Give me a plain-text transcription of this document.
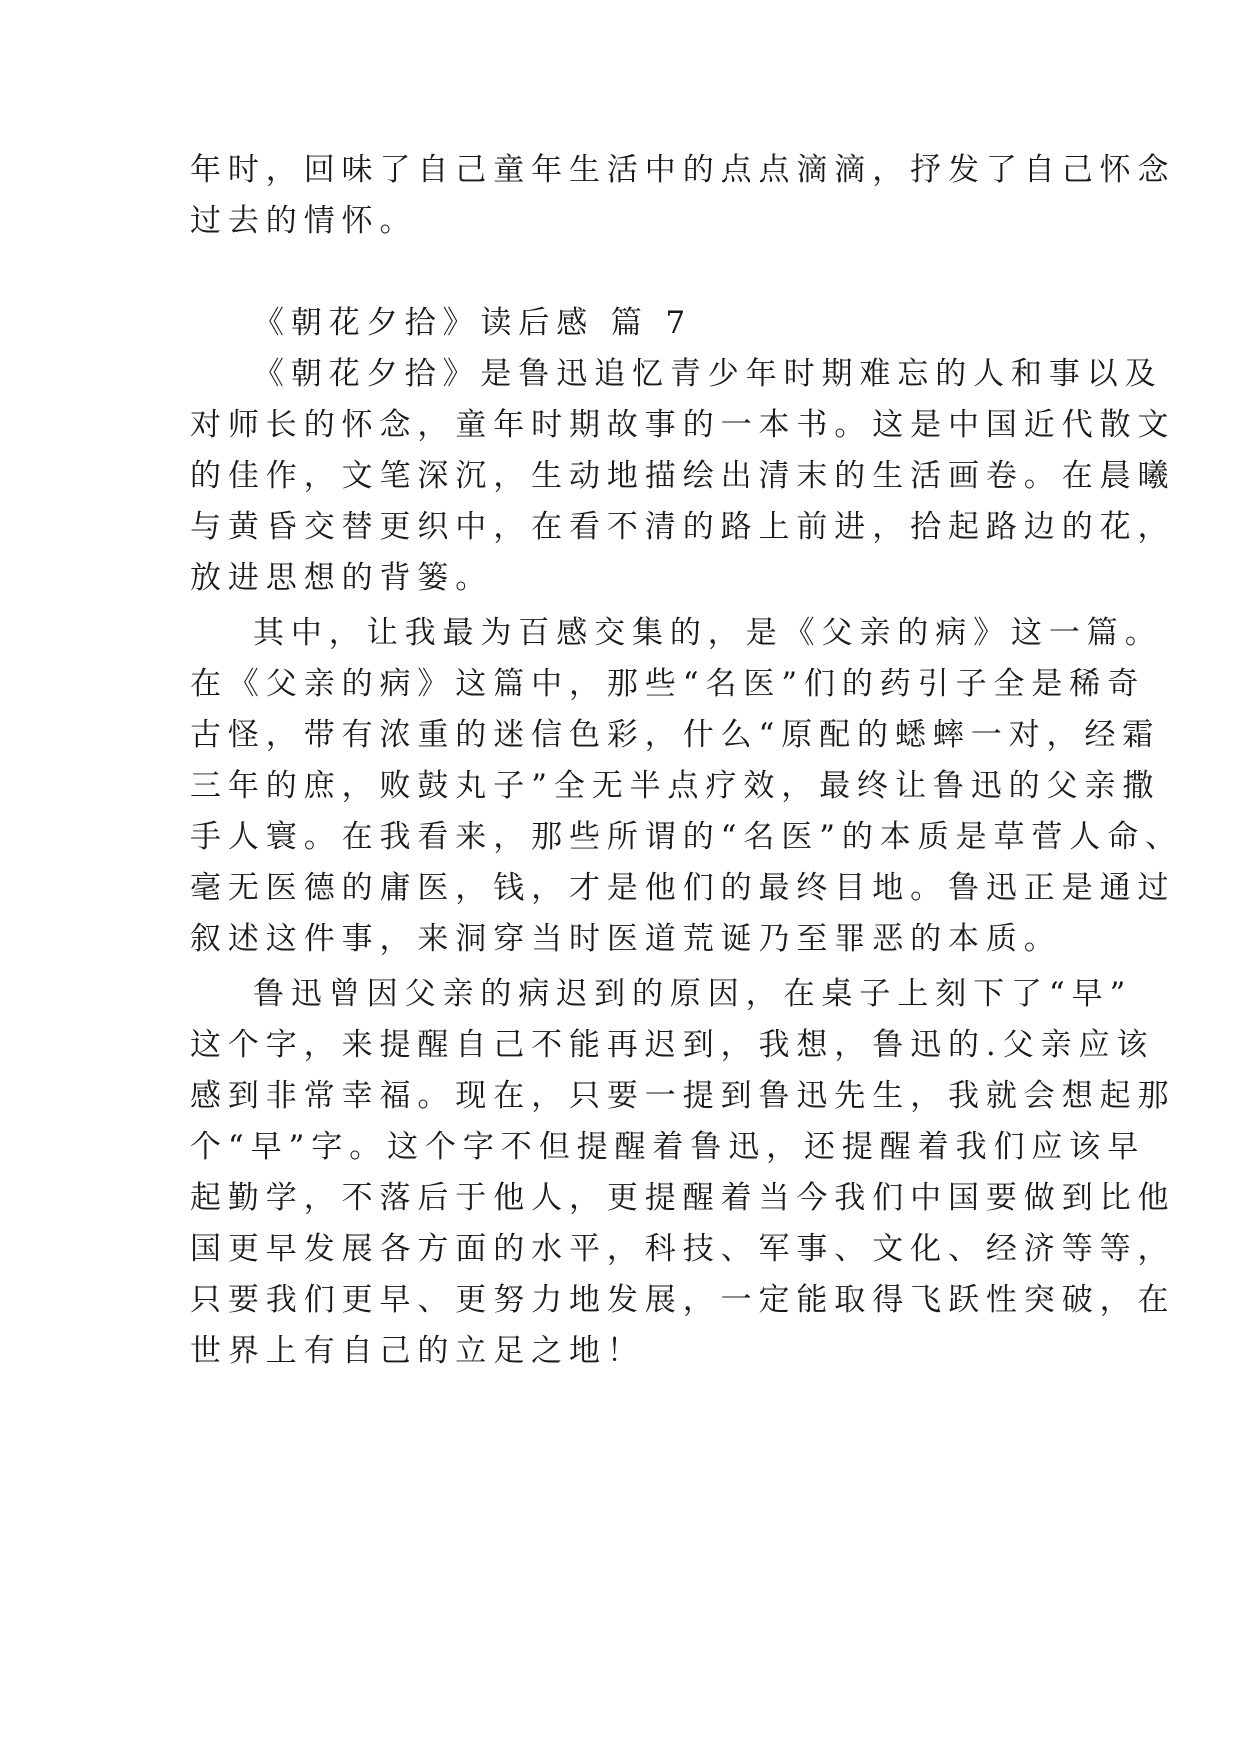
年时，回味了自己童年生活中的点点滴滴，抒发了自己怀念
过去的情怀。
《朝花夕拾》读后感 篇 7
《朝花夕拾》是鲁迅追忆青少年时期难忘的人和事以及
对师长的怀念，童年时期故事的一本书。这是中国近代散文
的佳作，文笔深沉，生动地描绘出清末的生活画卷。在晨曦
与黄昏交替更织中，在看不清的路上前进，拾起路边的花，
放进思想的背篓。
其中，让我最为百感交集的，是《父亲的病》这一篇。
在《父亲的病》这篇中，那些“名医”们的药引子全是稀奇
古怪，带有浓重的迷信色彩，什么“原配的蟋蟀一对，经霜
三年的庶，败鼓丸子”全无半点疗效，最终让鲁迅的父亲撒
手人寰。在我看来，那些所谓的“名医”的本质是草菅人命、
毫无医德的庸医，钱，才是他们的最终目地。鲁迅正是通过
叙述这件事，来洞穿当时医道荒诞乃至罪恶的本质。
鲁迅曾因父亲的病迟到的原因，在桌子上刻下了“早”
这个字，来提醒自己不能再迟到，我想，鲁迅的.父亲应该
感到非常幸福。现在，只要一提到鲁迅先生，我就会想起那
个“早”字。这个字不但提醒着鲁迅，还提醒着我们应该早
起勤学，不落后于他人，更提醒着当今我们中国要做到比他
国更早发展各方面的水平，科技、军事、文化、经济等等，
只要我们更早、更努力地发展，一定能取得飞跃性突破，在
世界上有自己的立足之地！
